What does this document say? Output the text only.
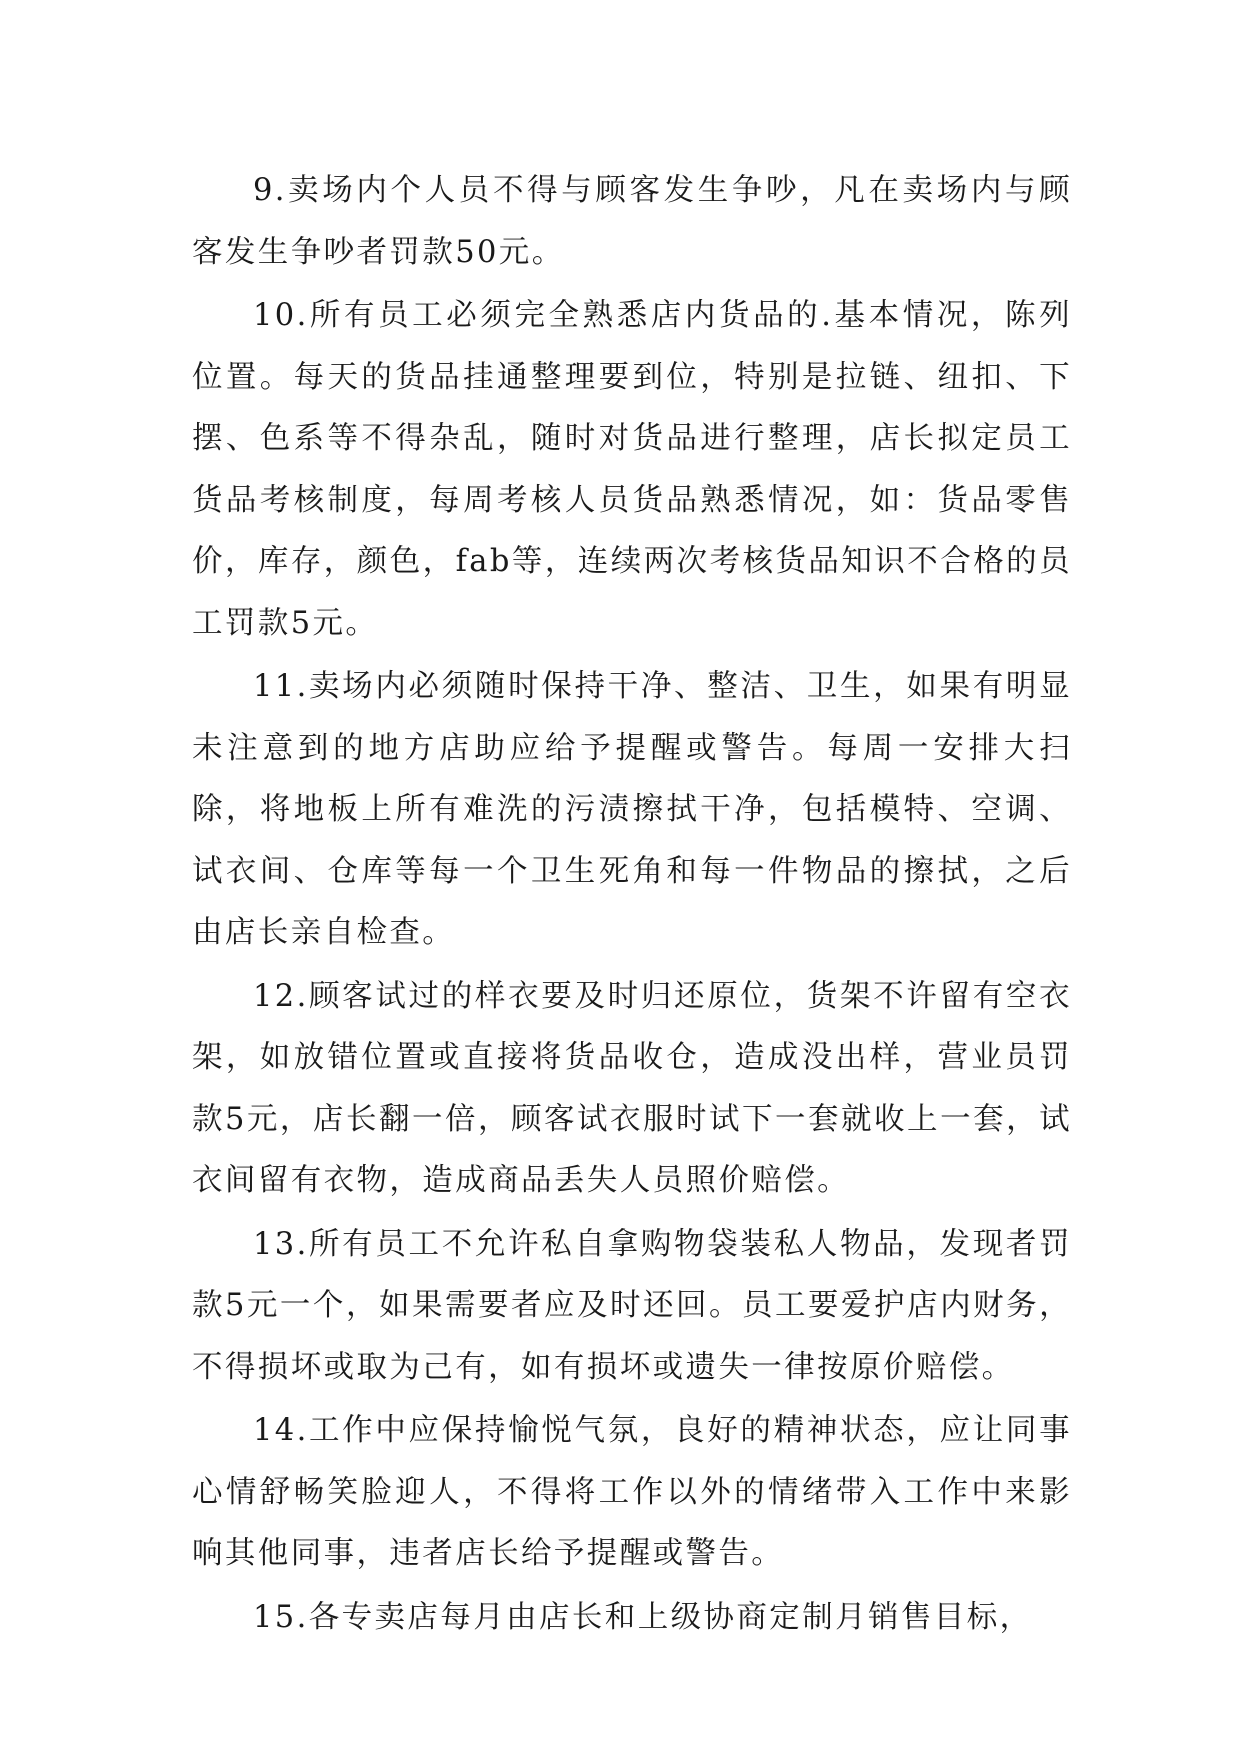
9.卖场内个人员不得与顾客发生争吵，凡在卖场内与顾客发生争吵者罚款50元。

10.所有员工必须完全熟悉店内货品的.基本情况，陈列位置。每天的货品挂通整理要到位，特别是拉链、纽扣、下摆、色系等不得杂乱，随时对货品进行整理，店长拟定员工货品考核制度，每周考核人员货品熟悉情况，如：货品零售价，库存，颜色，fab等，连续两次考核货品知识不合格的员工罚款5元。

11.卖场内必须随时保持干净、整洁、卫生，如果有明显未注意到的地方店助应给予提醒或警告。每周一安排大扫除，将地板上所有难洗的污渍擦拭干净，包括模特、空调、试衣间、仓库等每一个卫生死角和每一件物品的擦拭，之后由店长亲自检查。

12.顾客试过的样衣要及时归还原位，货架不许留有空衣架，如放错位置或直接将货品收仓，造成没出样，营业员罚款5元，店长翻一倍，顾客试衣服时试下一套就收上一套，试衣间留有衣物，造成商品丢失人员照价赔偿。

13.所有员工不允许私自拿购物袋装私人物品，发现者罚款5元一个，如果需要者应及时还回。员工要爱护店内财务，不得损坏或取为己有，如有损坏或遗失一律按原价赔偿。

14.工作中应保持愉悦气氛，良好的精神状态，应让同事心情舒畅笑脸迎人，不得将工作以外的情绪带入工作中来影响其他同事，违者店长给予提醒或警告。

15.各专卖店每月由店长和上级协商定制月销售目标，
